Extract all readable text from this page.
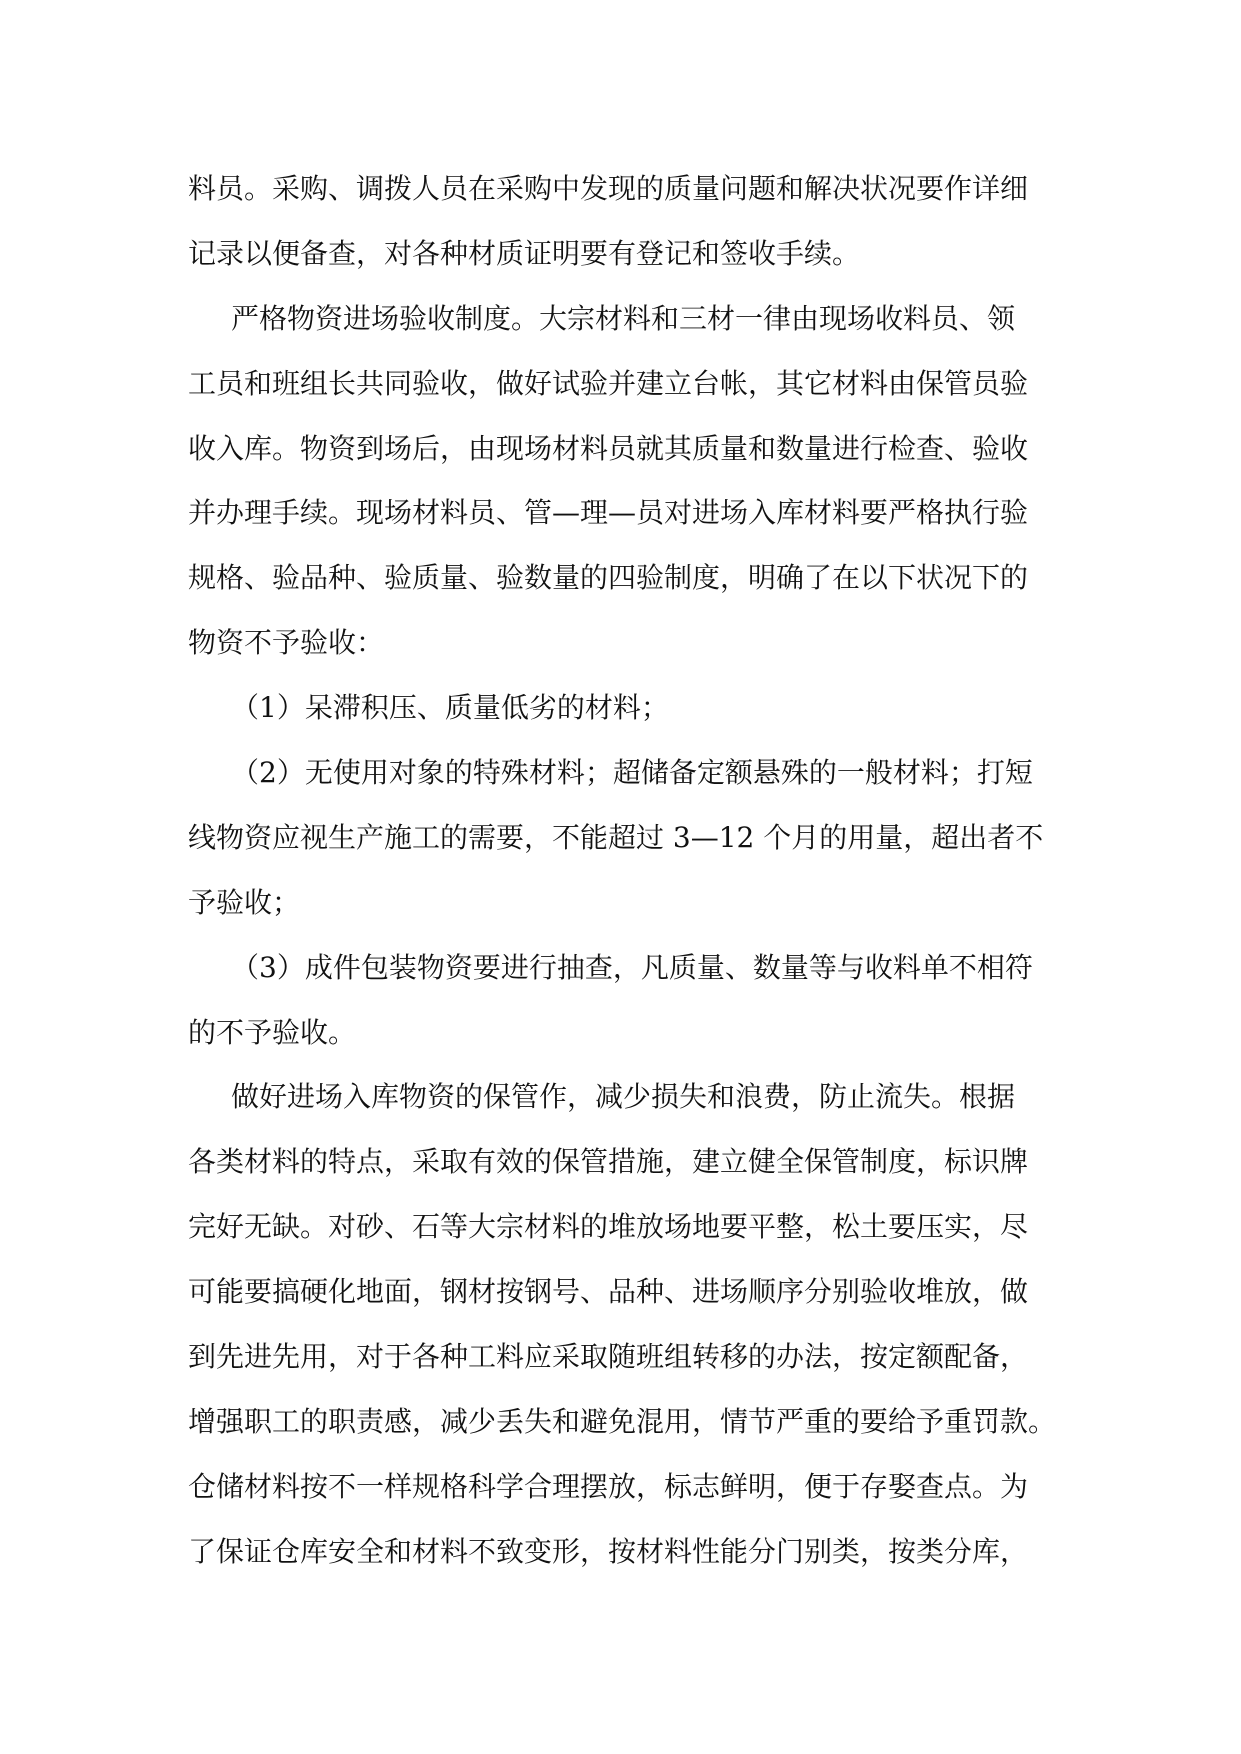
料员。采购、调拨人员在采购中发现的质量问题和解决状况要作详细
记录以便备查，对各种材质证明要有登记和签收手续。
严格物资进场验收制度。大宗材料和三材一律由现场收料员、领
工员和班组长共同验收，做好试验并建立台帐，其它材料由保管员验
收入库。物资到场后，由现场材料员就其质量和数量进行检查、验收
并办理手续。现场材料员、管—理—员对进场入库材料要严格执行验
规格、验品种、验质量、验数量的四验制度，明确了在以下状况下的
物资不予验收：
（1）呆滞积压、质量低劣的材料；
（2）无使用对象的特殊材料；超储备定额悬殊的一般材料；打短
线物资应视生产施工的需要，不能超过 3—12 个月的用量，超出者不
予验收；
（3）成件包装物资要进行抽查，凡质量、数量等与收料单不相符
的不予验收。
做好进场入库物资的保管作，减少损失和浪费，防止流失。根据
各类材料的特点，采取有效的保管措施，建立健全保管制度，标识牌
完好无缺。对砂、石等大宗材料的堆放场地要平整，松土要压实，尽
可能要搞硬化地面，钢材按钢号、品种、进场顺序分别验收堆放，做
到先进先用，对于各种工料应采取随班组转移的办法，按定额配备，
增强职工的职责感，减少丢失和避免混用，情节严重的要给予重罚款。
仓储材料按不一样规格科学合理摆放，标志鲜明，便于存娶查点。为
了保证仓库安全和材料不致变形，按材料性能分门别类，按类分库，
